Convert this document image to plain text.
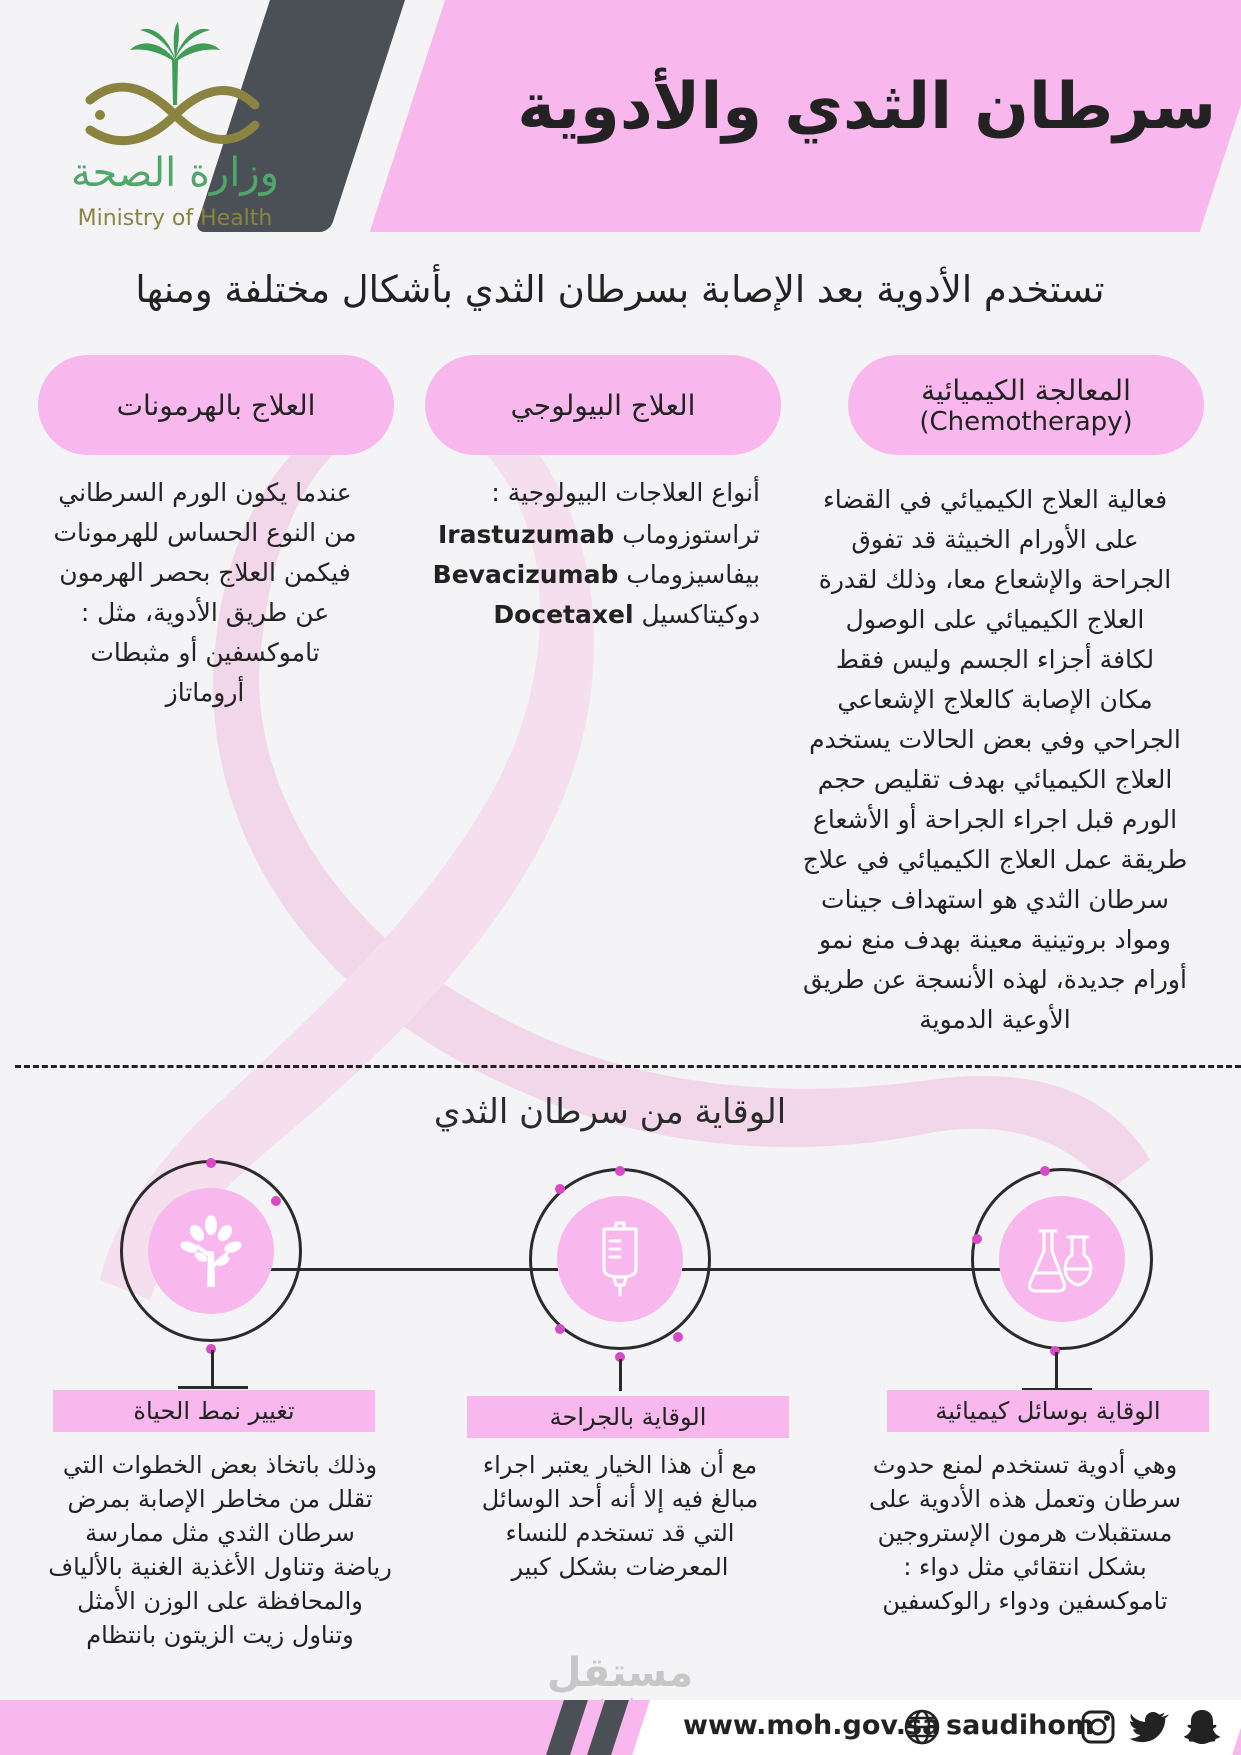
سرطان الثدي والأدوية
وزارة الصحة
Ministry of Health
تستخدم الأدوية بعد الإصابة بسرطان الثدي بأشكال مختلفة ومنها
المعالجة الكيميائية
(Chemotherapy)
العلاج البيولوجي
العلاج بالهرمونات

فعالية العلاج الكيميائي في القضاء

على الأورام الخبيثة قد تفوق

الجراحة والإشعاع معا، وذلك لقدرة

العلاج الكيميائي على الوصول

لكافة أجزاء الجسم وليس فقط

مكان الإصابة كالعلاج الإشعاعي

الجراحي وفي بعض الحالات يستخدم

العلاج الكيميائي بهدف تقليص حجم

الورم قبل اجراء الجراحة أو الأشعاع

طريقة عمل العلاج الكيميائي في علاج

سرطان الثدي هو استهداف جينات

ومواد بروتينية معينة بهدف منع نمو

أورام جديدة، لهذه الأنسجة عن طريق

الأوعية الدموية

أنواع العلاجات البيولوجية :

تراستوزوماب Irastuzumab

بيفاسيزوماب Bevacizumab

دوكيتاكسيل Docetaxel

عندما يكون الورم السرطاني

من النوع الحساس للهرمونات

فيكمن العلاج بحصر الهرمون

عن طريق الأدوية، مثل :

تاموكسفين أو مثبطات

أروماتاز

الوقاية من سرطان الثدي
الوقاية بوسائل كيميائية
الوقاية بالجراحة
تغيير نمط الحياة

وهي أدوية تستخدم لمنع حدوث

سرطان وتعمل هذه الأدوية على

مستقبلات هرمون الإستروجين

بشكل انتقائي مثل دواء :

تاموكسفين ودواء رالوكسفين

مع أن هذا الخيار يعتبر اجراء

مبالغ فيه إلا أنه أحد الوسائل

التي قد تستخدم للنساء

المعرضات بشكل كبير

وذلك باتخاذ بعض الخطوات التي

تقلل من مخاطر الإصابة بمرض

سرطان الثدي مثل ممارسة

رياضة وتناول الأغذية الغنية بالألياف

والمحافظة على الوزن الأمثل

وتناول زيت الزيتون بانتظام

مستقل
www.moh.gov.sa saudihom
